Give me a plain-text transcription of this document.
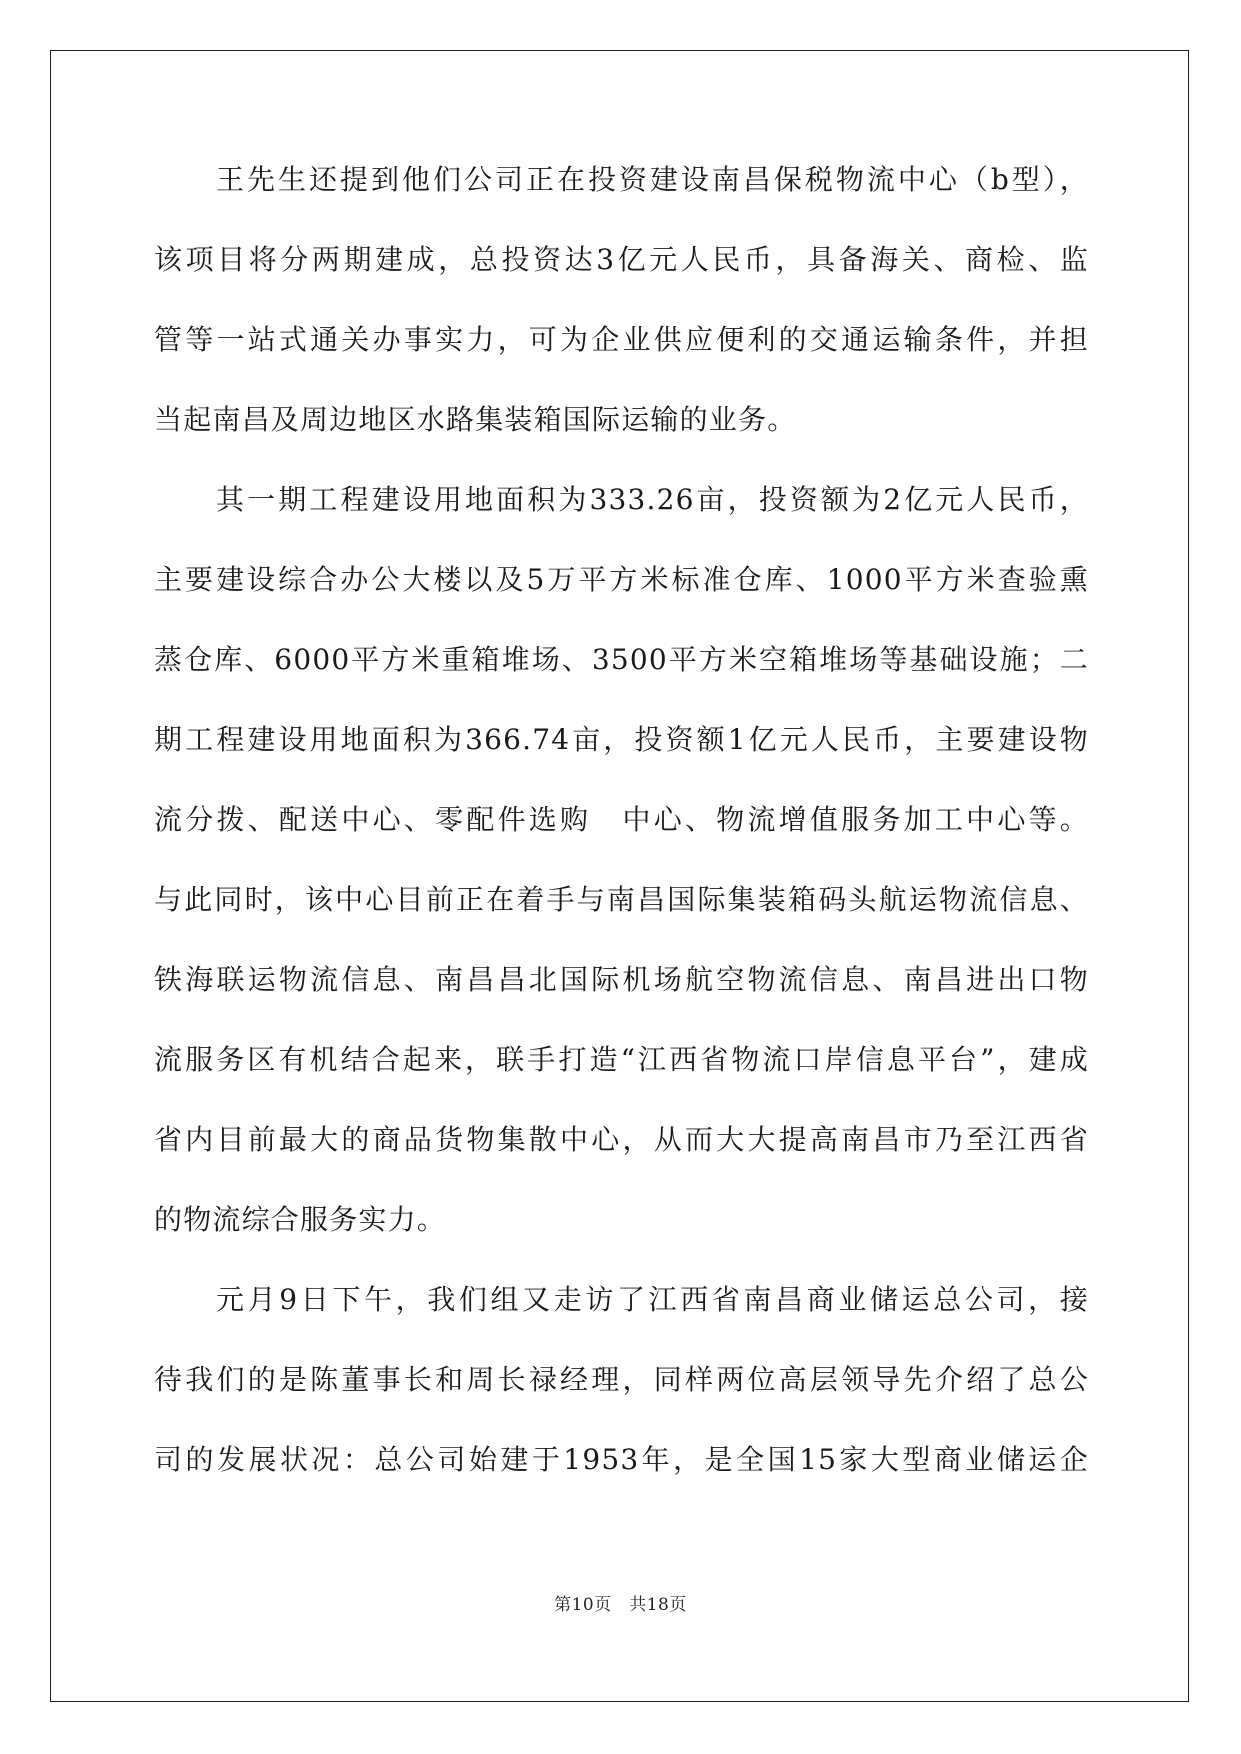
王先生还提到他们公司正在投资建设南昌保税物流中心（b型），
该项目将分两期建成，总投资达3亿元人民币，具备海关、商检、监
管等一站式通关办事实力，可为企业供应便利的交通运输条件，并担
当起南昌及周边地区水路集装箱国际运输的业务。

其一期工程建设用地面积为333.26亩，投资额为2亿元人民币，
主要建设综合办公大楼以及5万平方米标准仓库、1000平方米查验熏
蒸仓库、6000平方米重箱堆场、3500平方米空箱堆场等基础设施；二
期工程建设用地面积为366.74亩，投资额1亿元人民币，主要建设物
流分拨、配送中心、零配件选购　中心、物流增值服务加工中心等。
与此同时，该中心目前正在着手与南昌国际集装箱码头航运物流信息、
铁海联运物流信息、南昌昌北国际机场航空物流信息、南昌进出口物
流服务区有机结合起来，联手打造“江西省物流口岸信息平台”，建成
省内目前最大的商品货物集散中心，从而大大提高南昌市乃至江西省
的物流综合服务实力。

元月9日下午，我们组又走访了江西省南昌商业储运总公司，接
待我们的是陈董事长和周长禄经理，同样两位高层领导先介绍了总公
司的发展状况：总公司始建于1953年，是全国15家大型商业储运企

第10页　共18页
